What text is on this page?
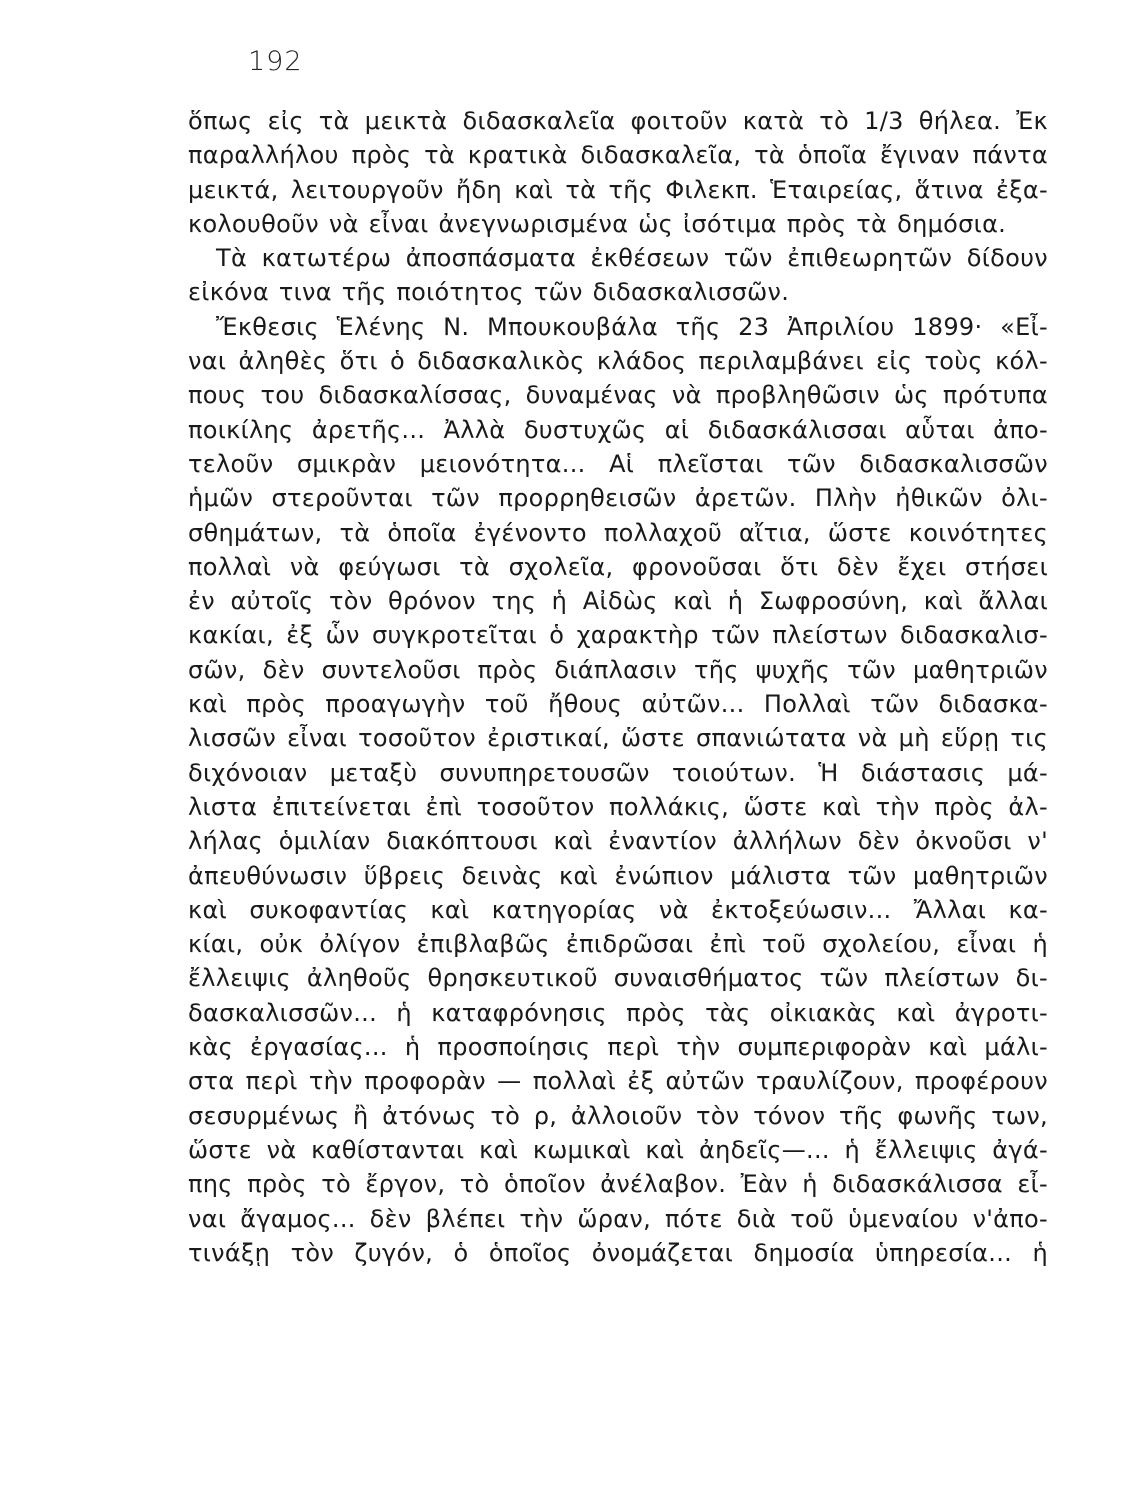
192
ὅπως εἰς τὰ μεικτὰ διδασκαλεῖα φοιτοῦν κατὰ τὸ 1/3 θήλεα. Ἐκ
παραλλήλου πρὸς τὰ κρατικὰ διδασκαλεῖα, τὰ ὁποῖα ἔγιναν πάντα
μεικτά, λειτουργοῦν ἤδη καὶ τὰ τῆς Φιλεκπ. Ἑταιρείας, ἅτινα ἐξα-
κολουθοῦν νὰ εἶναι ἀνεγνωρισμένα ὡς ἰσότιμα πρὸς τὰ δημόσια.
Τὰ κατωτέρω ἀποσπάσματα ἐκθέσεων τῶν ἐπιθεωρητῶν δίδουν
εἰκόνα τινα τῆς ποιότητος τῶν διδασκαλισσῶν.
Ἔκθεσις Ἑλένης Ν. Μπουκουβάλα τῆς 23 Ἀπριλίου 1899· «Εἶ-
ναι ἀληθὲς ὅτι ὁ διδασκαλικὸς κλάδος περιλαμβάνει εἰς τοὺς κόλ-
πους του διδασκαλίσσας, δυναμένας νὰ προβληθῶσιν ὡς πρότυπα
ποικίλης ἀρετῆς... Ἀλλὰ δυστυχῶς αἱ διδασκάλισσαι αὗται ἀπο-
τελοῦν σμικρὰν μειονότητα... Αἱ πλεῖσται τῶν διδασκαλισσῶν
ἡμῶν στεροῦνται τῶν προρρηθεισῶν ἀρετῶν. Πλὴν ἠθικῶν ὀλι-
σθημάτων, τὰ ὁποῖα ἐγένοντο πολλαχοῦ αἴτια, ὥστε κοινότητες
πολλαὶ νὰ φεύγωσι τὰ σχολεῖα, φρονοῦσαι ὅτι δὲν ἔχει στήσει
ἐν αὐτοῖς τὸν θρόνον της ἡ Αἰδὼς καὶ ἡ Σωφροσύνη, καὶ ἄλλαι
κακίαι, ἐξ ὧν συγκροτεῖται ὁ χαρακτὴρ τῶν πλείστων διδασκαλισ-
σῶν, δὲν συντελοῦσι πρὸς διάπλασιν τῆς ψυχῆς τῶν μαθητριῶν
καὶ πρὸς προαγωγὴν τοῦ ἤθους αὐτῶν... Πολλαὶ τῶν διδασκα-
λισσῶν εἶναι τοσοῦτον ἐριστικαί, ὥστε σπανιώτατα νὰ μὴ εὕρῃ τις
διχόνοιαν μεταξὺ συνυπηρετουσῶν τοιούτων. Ἡ διάστασις μά-
λιστα ἐπιτείνεται ἐπὶ τοσοῦτον πολλάκις, ὥστε καὶ τὴν πρὸς ἀλ-
λήλας ὁμιλίαν διακόπτουσι καὶ ἐναντίον ἀλλήλων δὲν ὀκνοῦσι ν'
ἀπευθύνωσιν ὕβρεις δεινὰς καὶ ἐνώπιον μάλιστα τῶν μαθητριῶν
καὶ συκοφαντίας καὶ κατηγορίας νὰ ἐκτοξεύωσιν... Ἄλλαι κα-
κίαι, οὐκ ὀλίγον ἐπιβλαβῶς ἐπιδρῶσαι ἐπὶ τοῦ σχολείου, εἶναι ἡ
ἔλλειψις ἀληθοῦς θρησκευτικοῦ συναισθήματος τῶν πλείστων δι-
δασκαλισσῶν... ἡ καταφρόνησις πρὸς τὰς οἰκιακὰς καὶ ἀγροτι-
κὰς ἐργασίας... ἡ προσποίησις περὶ τὴν συμπεριφορὰν καὶ μάλι-
στα περὶ τὴν προφορὰν — πολλαὶ ἐξ αὐτῶν τραυλίζουν, προφέρουν
σεσυρμένως ἢ ἀτόνως τὸ ρ, ἀλλοιοῦν τὸν τόνον τῆς φωνῆς των,
ὥστε νὰ καθίστανται καὶ κωμικαὶ καὶ ἀηδεῖς—... ἡ ἔλλειψις ἀγά-
πης πρὸς τὸ ἔργον, τὸ ὁποῖον ἀνέλαβον. Ἐὰν ἡ διδασκάλισσα εἶ-
ναι ἄγαμος... δὲν βλέπει τὴν ὥραν, πότε διὰ τοῦ ὑμεναίου ν'ἀπο-
τινάξῃ τὸν ζυγόν, ὁ ὁποῖος ὀνομάζεται δημοσία ὑπηρεσία... ἡ
